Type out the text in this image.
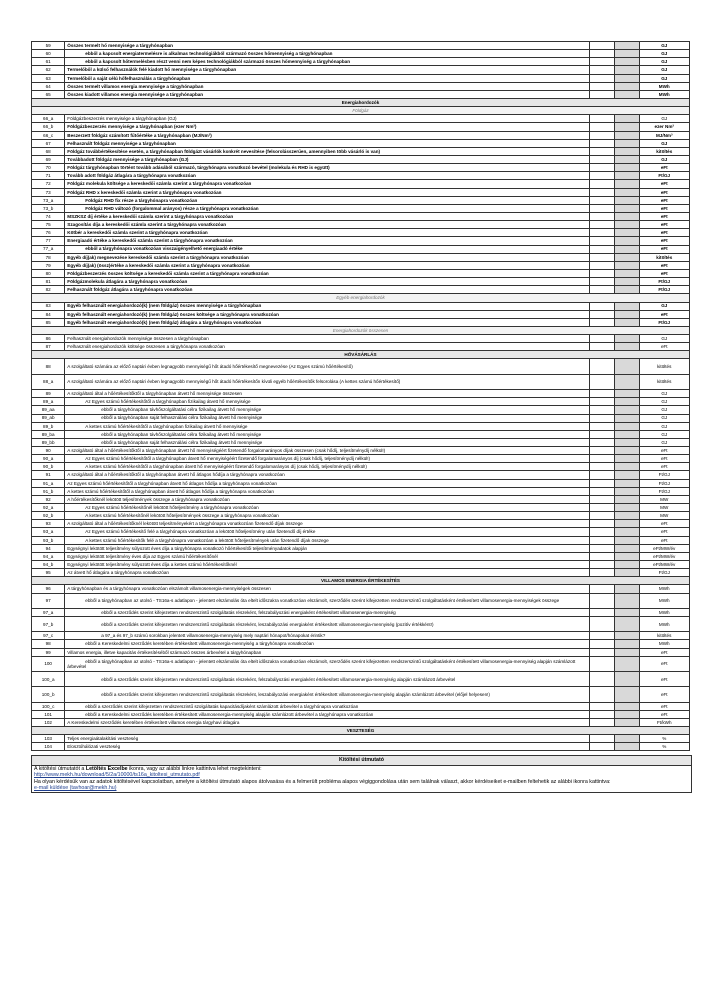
59	Összes termelt hő mennyisége a tárgyhónapban			GJ
60	ebből a kapcsolt energiatermelésre is alkalmas technológiákból származó összes hőmennyiség a tárgyhónapban			GJ
61	ebből a kapcsolt hőtermelésben részt venni nem képes technológiákból származó összes hőmennyiség a tárgyhónapban			GJ
62	Termelőből a külső felhasználók felé kiadott hő mennyisége a tárgyhónapban			GJ
63	Termelőből a saját célú hőfelhasználás a tárgyhónapban			GJ
64	Összes termelt villamos energia mennyisége a tárgyhónapban			MWh
65	Összes kiadott villamos energia mennyisége a tárgyhónapban			MWh
Energiahordozók				
Földgáz				
66_a	Földgázbeszerzés mennyisége a tárgyhónapban (GJ)			GJ
66_b	Földgázbeszerzés mennyisége a tárgyhónapban (ezer Nm³)			ezer Nm³
66_c	Beszerzett földgáz számított fűtőértéke a tárgyhónapban (MJ/Nm³)			MJ/Nm³
67	Felhasznált földgáz mennyisége a tárgyhónapban			GJ
68	Földgáz továbbértékesítése esetén, a tárgyhónapban földgázt vásárlók konkrét nevesítése (felsorolásszerűen, amennyiben több vásárló is van)			kitöltés
69	Továbbadott földgáz mennyisége a tárgyhónapban (GJ)			GJ
70	Földgáz tárgyhónapban történt tovább adásából származó, tárgyhónapra vonatkozó bevétel (molekula és RHD is együtt)			eFt
71	Tovább adott földgáz átlagára a tárgyhónapra vonatkozóan			Ft/GJ
72	Földgáz molekula költsége a kereskedői számla szerint a tárgyhónapra vonatkozóan			eFt
73	Földgáz RHD x kereskedői számla szerint a tárgyhónapra vonatkozóan			eFt
73_a	Földgáz RHD fix része a tárgyhónapra vonatkozóan			eFt
73_b	Földgáz RHD változó (forgalommal arányos) része a tárgyhónapra vonatkozóan			eFt
74	MSZKSZ díj értéke a kereskedői számla szerint a tárgyhónapra vonatkozóan			eFt
75	Szagosítás díja a kereskedői számla szerint a tárgyhónapra vonatkozóan			eFt
76	Kötbér a kereskedői számla szerint a tárgyhónapra vonatkozóan			eFt
77	Energiaadó értéke a kereskedői számla szerint a tárgyhónapra vonatkozóan			eFt
77_a	ebből a tárgyhónapra vonatkozóan visszaigényelhető energiaadó értéke			eFt
78	Egyéb díj(ak) megnevezése kereskedői számla szerint a tárgyhónapra vonatkozóan			kitöltés
79	Egyéb díj(ak) (össz)értéke a kereskedői számla szerint a tárgyhónapra vonatkozóan			eFt
80	Földgázbeszerzés összes költsége a kereskedői számla szerint a tárgyhónapra vonatkozóan			eFt
81	Földgázmolekula átlagára a tárgyhónapra vonatkozóan			Ft/GJ
82	Felhasznált földgáz átlagára a tárgyhónapra vonatkozóan			Ft/GJ
Egyéb energiahordozók				
83	Egyéb felhasznált energiahordozó(k) (nem földgáz) összes mennyisége a tárgyhónapban			GJ
84	Egyéb felhasznált energiahordozó(k) (nem földgáz) összes költsége a tárgyhónapra vonatkozóan			eFt
85	Egyéb felhasznált energiahordozó(k) (nem földgáz) átlagára a tárgyhónapra vonatkozóan			Ft/GJ
Energiahordozók összesen				
86	Felhasznált energiahordozók mennyisége összesen a tárgyhónapban			GJ
87	Felhasznált energiahordozók költsége összesen a tárgyhónapra vonatkozóan			eFt
HŐVÁSÁRLÁS				
88	A szolgáltató számára az előző naptári évben legnagyobb mennyiségű hőt átadó hőértékesítő megnevezése (Az Egyes számú hőértékesítő)			kitöltés
88_a	A szolgáltató számára az előző naptári évben legnagyobb mennyiségű hőt átadó hőértékesítőn kívüli egyéb hőértékesítők felsorolása (A kettes számú hőértékesítő)			kitöltés
89	A szolgáltató által a hőértékesítőktől a tárgyhónapban átvett hő mennyisége összesen			GJ
89_a	Az Egyes számú hőértékesítőtől a tárgyhónapban fizikailag átvett hő mennyisége			GJ
89_aa	ebből a tárgyhónapban távhőszolgáltatási célra fizikailag átvett hő mennyisége			GJ
89_ab	ebből a tárgyhónapban saját felhasználási célra fizikailag átvett hő mennyisége			GJ
89_b	A kettes számú hőértékesítőtől a tárgyhónapban fizikailag átvett hő mennyisége			GJ
89_ba	ebből a tárgyhónapban távhőszolgáltatási célra fizikailag átvett hő mennyisége			GJ
89_bb	ebből a tárgyhónapban saját felhasználási célra fizikailag átvett hő mennyisége			GJ
90	A szolgáltató által a hőértékesítőktől a tárgyhónapban átvett hő mennyiségéért fizetendő forgalomarányos díjak összesen (csak hődíj, teljesítménydíj nélkül!)			eFt
90_a	Az Egyes számú hőértékesítőtől a tárgyhónapban átvett hő mennyiségéért fizetendő forgalomarányos díj (csak hődíj, teljesítménydíj nélkül!)			eFt
90_b	A kettes számú hőértékesítőtől a tárgyhónapban átvett hő mennyiségéért fizetendő forgalomarányos díj (csak hődíj, teljesítménydíj nélkül!)			eFt
91	A szolgáltató által a hőértékesítőktől a tárgyhónapban átvett hő átlagos hődíja a tárgyhónapra vonatkozóan			Ft/GJ
91_a	Az Egyes számú hőértékesítőtől a tárgyhónapban átvett hő átlagos hődíja a tárgyhónapra vonatkozóan			Ft/GJ
91_b	A kettes számú hőértékesítőtől a tárgyhónapban átvett hő átlagos hődíja a tárgyhónapra vonatkozóan			Ft/GJ
92	A hőértékesítőknél lekötött teljesítmények összege a tárgyhónapra vonatkozóan			MW
92_a	Az Egyes számú hőértékesítőnél lekötött hőteljesítmény a tárgyhónapra vonatkozóan			MW
92_b	A kettes számú hőértékesítőnél lekötött hőteljesítmények összege a tárgyhónapra vonatkozóan			MW
93	A szolgáltató által a hőértékesítőknél lekötött teljesítményekért a tárgyhónapra vonatkozóan fizetendő díjak összege			eFt
93_a	Az Egyes számú hőértékesítő felé a tárgyhónapra vonatkozóan a lekötött hőteljesítmény után fizetendő díj értéke			eFt
93_b	A kettes számú hőértékesítők felé a tárgyhónapra vonatkozóan a lekötött hőteljesítmények után fizetendő díjak összege			eFt
94	Egységnyi lekötött teljesítmény súlyozott éves díja a tárgyhónapra vonatkozó hőértékesítői teljesítményadatok alapján			eFt/MW/év
94_a	Egységnyi lekötött teljesítmény éves díja az Egyes számú hőértékesítőnél			eFt/MW/év
94_b	Egységnyi lekötött teljesítmény súlyozott éves díja a kettes számú hőértékesítőknél			eFt/MW/év
95	Az átvett hő átlagára a tárgyhónapra vonatkozóan			Ft/GJ
VILLAMOS ENERGIA ÉRTÉKESÍTÉS				
96	A tárgyhónapban és a tárgyhónapra vonatkozóan elszámolt villamosenergia-mennyiségek összesen			MWh
97	ebből a tárgyhónapban az utolsó - TS16a-s adatlapon - jelentett elszámolás óta eltelt időszakra vonatkozóan elszámolt, szerződés szerint kifejezetten rendszerszintű szolgáltatásként értékesített villamosenergia-mennyiségek összege			MWh
97_a	ebből a szerződés szerint kifejezetten rendszerszintű szolgáltatás részeként, felszabályozási energiaként értékesített villamosenergia-mennyiség			MWh
97_b	ebből a szerződés szerint kifejezetten rendszerszintű szolgáltatás részeként, leszabályozási energiaként értékesített villamosenergia-mennyiség (pozitív értékként!)			MWh
97_c	a 97_a és 97_b számú sorokban jelentett villamosenergia-mennyiség mely naptári hónapot/hónapokat érintik?			kitöltés
98	ebből a Kereskedelmi szerződés keretében értékesített villamosenergia-mennyiség a tárgyhónapra vonatkozóan			MWh
99	Villamos energia, illetve kapacitás értékesítéséből származó összes árbevétel a tárgyhónapban			eFt
100	ebből a tárgyhónapban az utolsó - TS16a-s adatlapon - jelentett elszámolás óta eltelt időszakra vonatkozóan elszámolt, szerződés szerint kifejezetten rendszerszintű szolgáltatásként értékesített villamosenergia-mennyiség alapján számlázott árbevétel			eFt
100_a	ebből a szerződés szerint kifejezetten rendszerszintű szolgáltatás részeként, felszabályozási energiaként értékesített villamosenergia-mennyiség alapján számlázott árbevétel			eFt
100_b	ebből a szerződés szerint kifejezetten rendszerszintű szolgáltatás részeként, leszabályozási energiaként értékesített villamosenergia-mennyiség alapján számlázott árbevétel (előjel helyesen!)			eFt
100_c	ebből a szerződés szerint kifejezetten rendszerszintű szolgáltatás kapacitásdíjaként számlázott árbevétel a tárgyhónapra vonatkozóan			eFt
101	ebből a Kereskedelmi szerződés keretében értékesített villamosenergia-mennyiség alapján számlázott árbevétel a tárgyhónapra vonatkozóan			eFt
102	A Kereskedelmi szerződés keretében értékesített villamos energia tárgyhavi átlagára			Ft/kWh
VESZTESÉG				
103	Teljes energiaátalakítási veszteség			%
104	Elosztóhálózati veszteség			%
Kitöltési útmutató
A kitöltési útmutatót a Letöltés Excelbe ikonra, vagy az alábbi linkre kattintva lehet megtekinteni:
http://www.mekh.hu/download/5/2a/10000/ts16a_kitoltesi_utmutato.pdf
Ha olyan kérdésük van az adatok kitöltésével kapcsolatban, amelyre a kitöltési útmutató alapos átolvasása és a felmerült probléma alapos végiggondolása után sem találnak választ, akkor kérdéseiket e-mailben feltehetik az alábbi ikonra kattintva:
e-mail küldése (tavhoar@mekh.hu)
